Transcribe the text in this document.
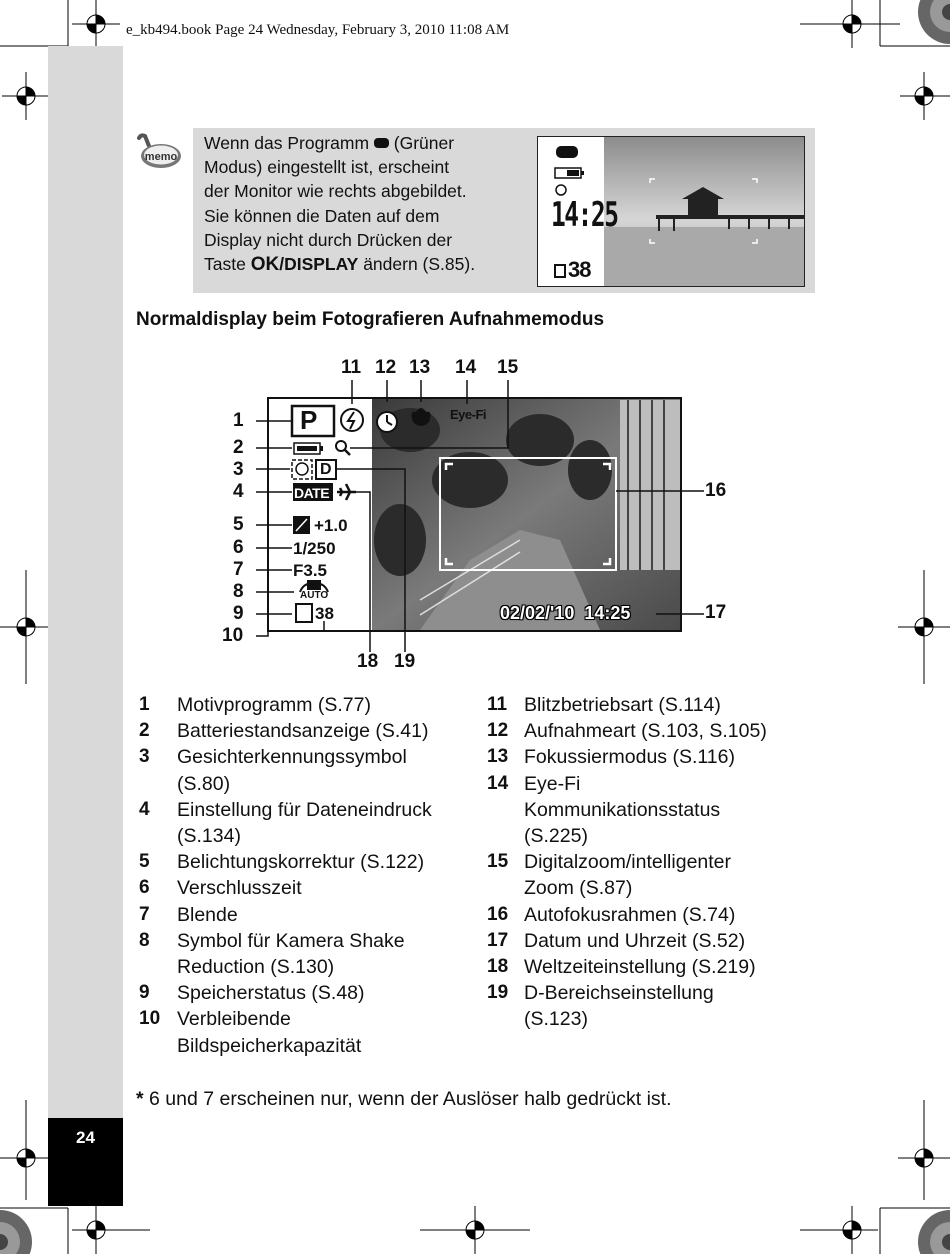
e_kb494.book Page 24 Wednesday, February 3, 2010 11:08 AM
24
memo
Wenn das Programm  (Grüner
Modus) eingestellt ist, erscheint
der Monitor wie rechts abgebildet.
Sie können die Daten auf dem
Display nicht durch Drücken der
Taste OK/DISPLAY ändern (S.85).
14:25
38
Normaldisplay beim Fotografieren Aufnahmemodus
P	Eye-Fi
D
DATE
+1.0
1/250
F3.5
AUTO
38	02/02/'10  14:25
11 12 13 14 15
1
2
3
4
5
6
7
8
9
10
16
17
18 19
1 Motivprogramm (S.77)
2 Batteriestandsanzeige (S.41)
3 Gesichterkennungssymbol
(S.80)
4 Einstellung für Dateneindruck
(S.134)
5 Belichtungskorrektur (S.122)
6 Verschlusszeit
7 Blende
8 Symbol für Kamera Shake
Reduction (S.130)
9 Speicherstatus (S.48)
10 Verbleibende
Bildspeicherkapazität
11 Blitzbetriebsart (S.114)
12 Aufnahmeart (S.103, S.105)
13 Fokussiermodus (S.116)
14 Eye-Fi
Kommunikationsstatus
(S.225)
15 Digitalzoom/intelligenter
Zoom (S.87)
16 Autofokusrahmen (S.74)
17 Datum und Uhrzeit (S.52)
18 Weltzeiteinstellung (S.219)
19 D-Bereichseinstellung
(S.123)
* 6 und 7 erscheinen nur, wenn der Auslöser halb gedrückt ist.
